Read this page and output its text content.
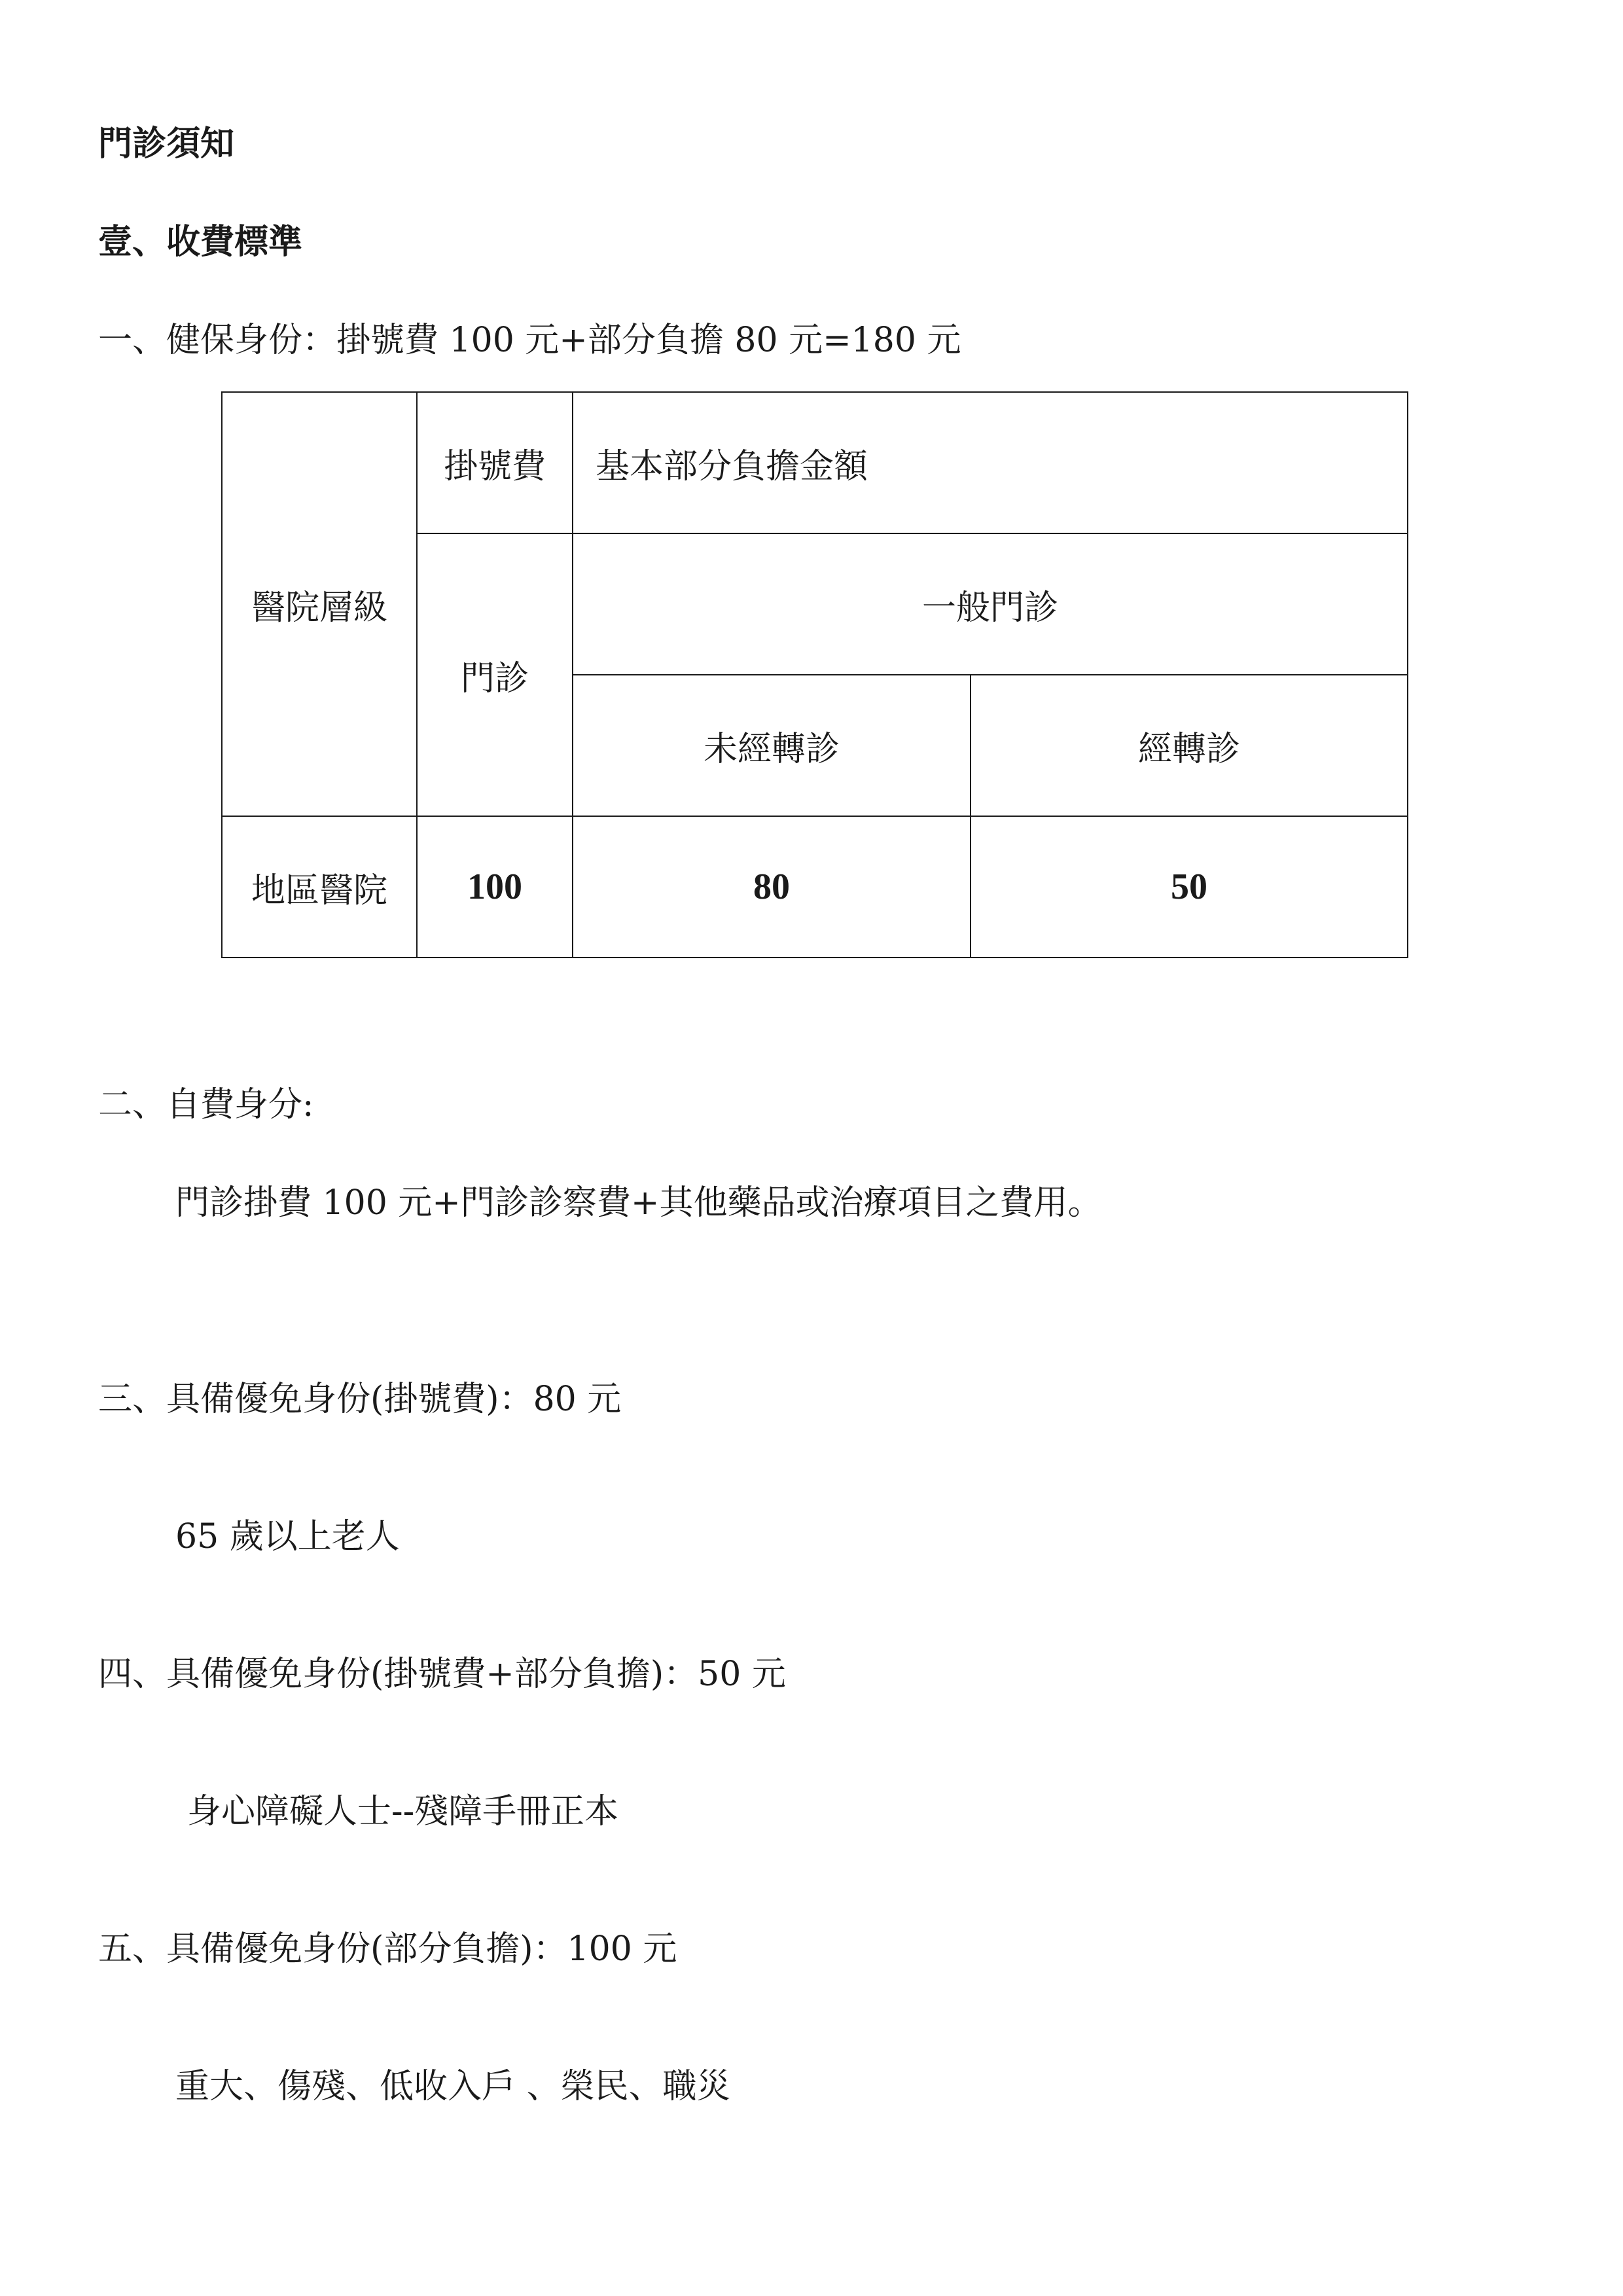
門診須知
壹、收費標準
一、健保身份：掛號費 100 元+部分負擔 80 元=180 元
醫院層級	掛號費	基本部分負擔金額	
	門診	一般門診	
		未經轉診	經轉診
地區醫院	100	80	50
二、自費身分:
門診掛費 100 元+門診診察費+其他藥品或治療項目之費用。
三、具備優免身份(掛號費)：80 元
65 歲以上老人
四、具備優免身份(掛號費+部分負擔)：50 元
身心障礙人士--殘障手冊正本
五、具備優免身份(部分負擔)：100 元
重大、傷殘、低收入戶 、榮民、職災
